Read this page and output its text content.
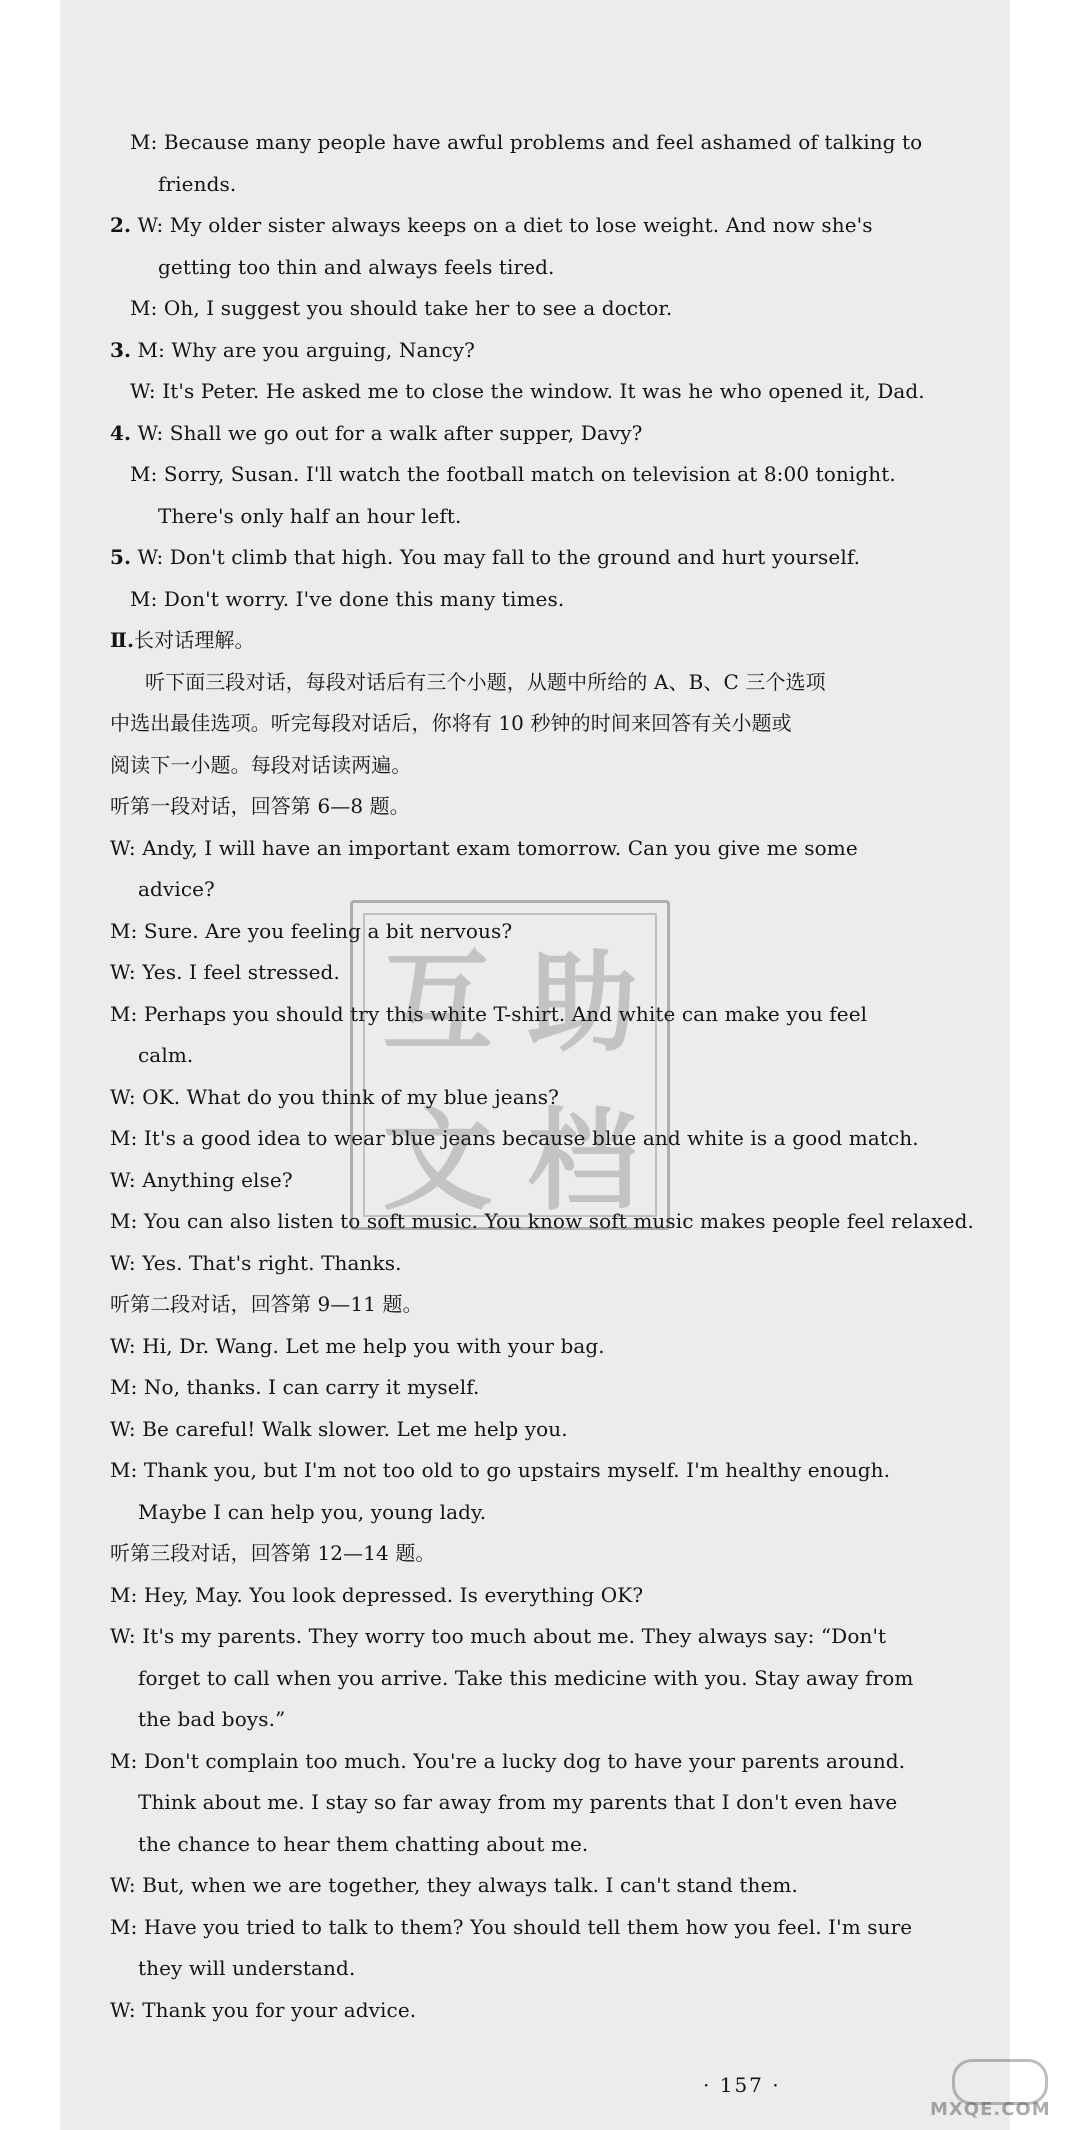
M: Because many people have awful problems and feel ashamed of talking to
friends.
2. W: My older sister always keeps on a diet to lose weight. And now she's
getting too thin and always feels tired.
M: Oh, I suggest you should take her to see a doctor.
3. M: Why are you arguing, Nancy?
W: It's Peter. He asked me to close the window. It was he who opened it, Dad.
4. W: Shall we go out for a walk after supper, Davy?
M: Sorry, Susan. I'll watch the football match on television at 8:00 tonight.
There's only half an hour left.
5. W: Don't climb that high. You may fall to the ground and hurt yourself.
M: Don't worry. I've done this many times.
Ⅱ.长对话理解。
听下面三段对话，每段对话后有三个小题，从题中所给的 A、B、C 三个选项
中选出最佳选项。听完每段对话后，你将有 10 秒钟的时间来回答有关小题或
阅读下一小题。每段对话读两遍。
听第一段对话，回答第 6—8 题。
W: Andy, I will have an important exam tomorrow. Can you give me some
advice?
M: Sure. Are you feeling a bit nervous?
W: Yes. I feel stressed.
M: Perhaps you should try this white T-shirt. And white can make you feel
calm.
W: OK. What do you think of my blue jeans?
M: It's a good idea to wear blue jeans because blue and white is a good match.
W: Anything else?
M: You can also listen to soft music. You know soft music makes people feel relaxed.
W: Yes. That's right. Thanks.
听第二段对话，回答第 9—11 题。
W: Hi, Dr. Wang. Let me help you with your bag.
M: No, thanks. I can carry it myself.
W: Be careful! Walk slower. Let me help you.
M: Thank you, but I'm not too old to go upstairs myself. I'm healthy enough.
Maybe I can help you, young lady.
听第三段对话，回答第 12—14 题。
M: Hey, May. You look depressed. Is everything OK?
W: It's my parents. They worry too much about me. They always say: “Don't
forget to call when you arrive. Take this medicine with you. Stay away from
the bad boys.”
M: Don't complain too much. You're a lucky dog to have your parents around.
Think about me. I stay so far away from my parents that I don't even have
the chance to hear them chatting about me.
W: But, when we are together, they always talk. I can't stand them.
M: Have you tried to talk to them? You should tell them how you feel. I'm sure
they will understand.
W: Thank you for your advice.
互 助
文 档
· 157 ·
MXQE.COM
